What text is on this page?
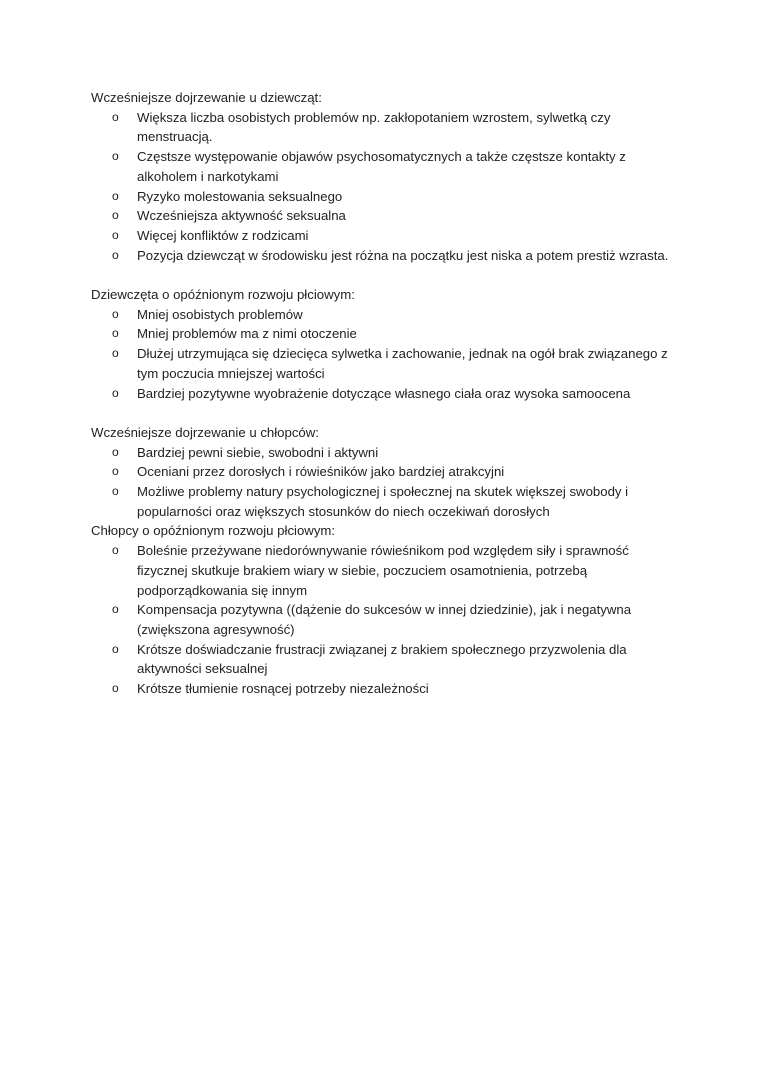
Wcześniejsze dojrzewanie u dziewcząt:

o	Większa liczba osobistych problemów np. zakłopotaniem wzrostem, sylwetką czy menstruacją.
o	Częstsze występowanie objawów psychosomatycznych a także częstsze kontakty z alkoholem i narkotykami
o	Ryzyko molestowania seksualnego
o	Wcześniejsza aktywność seksualna
o	Więcej konfliktów z rodzicami
o	Pozycja dziewcząt w środowisku jest różna na początku jest niska a potem prestiż wzrasta.

Dziewczęta o opóźnionym rozwoju płciowym:

o	Mniej osobistych problemów
o	Mniej problemów ma z nimi otoczenie
o	Dłużej utrzymująca się dziecięca sylwetka i zachowanie, jednak na ogół brak związanego z tym poczucia mniejszej wartości
o	Bardziej pozytywne wyobrażenie dotyczące własnego ciała oraz wysoka samoocena

Wcześniejsze dojrzewanie u chłopców:

o	Bardziej pewni siebie, swobodni i aktywni
o	Oceniani przez dorosłych i rówieśników jako bardziej atrakcyjni
o	Możliwe problemy natury psychologicznej i społecznej na skutek większej swobody i popularności oraz większych stosunków do niech oczekiwań dorosłych

Chłopcy o opóźnionym rozwoju płciowym:

o	Boleśnie przeżywane niedorównywanie rówieśnikom pod względem siły i sprawność fizycznej skutkuje brakiem wiary w siebie, poczuciem osamotnienia, potrzebą podporządkowania się innym
o	Kompensacja pozytywna ((dążenie do sukcesów w innej dziedzinie), jak i negatywna (zwiększona agresywność)
o	Krótsze doświadczanie frustracji związanej z brakiem społecznego przyzwolenia dla aktywności seksualnej
o	Krótsze tłumienie rosnącej potrzeby niezależności
